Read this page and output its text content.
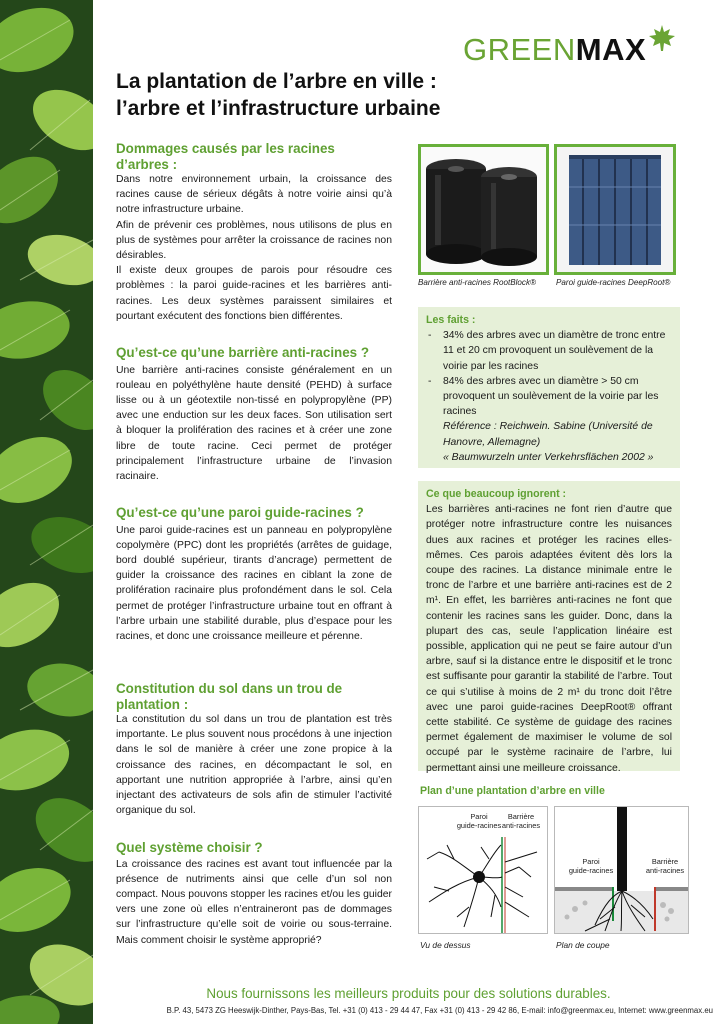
GREENMAX
La plantation de l’arbre en ville :
l’arbre et l’infrastructure urbaine
Dommages causés par les racines
d’arbres :

Dans notre environnement urbain, la croissance des racines cause de sérieux dégâts à notre voirie ainsi qu’à notre infrastructure urbaine.

Afin de prévenir ces problèmes, nous utilisons de plus en plus de systèmes pour arrêter la croissance de racines non désirables.

Il existe deux groupes de parois pour résoudre ces problèmes : la paroi guide-racines et les barrières anti-racines. Les deux systèmes paraissent similaires et pourtant exécutent des fonctions bien différentes.

Qu’est-ce qu’une barrière anti-racines ?

Une barrière anti-racines consiste généralement en un rouleau en polyéthylène haute densité (PEHD) à surface lisse ou à un géotextile non-tissé en polypropylène (PP) avec une enduction sur les deux faces. Son utilisation sert à bloquer la prolifération des racines et à créer une zone libre de toute racine. Ceci permet de protéger principalement l’infrastructure urbaine de l’invasion racinaire.

Qu’est-ce qu’une paroi guide-racines ?

Une paroi guide-racines est un panneau en polypropylène copolymère (PPC) dont les propriétés (arrêtes de guidage, bord doublé supérieur, tirants d’ancrage) permettent de guider la croissance des racines en ciblant la zone de prolifération racinaire plus profondément dans le sol. Cela permet de protéger l’infrastructure urbaine tout en offrant à l’arbre urbain une stabilité durable, plus d’espace pour les racines, et donc une croissance meilleure et pérenne.

Constitution du sol dans un trou de
plantation :

La constitution du sol dans un trou de plantation est très importante. Le plus souvent nous procédons à une injection dans le sol de manière à créer une zone propice à la croissance des racines, en décompactant le sol, en apportant une nutrition appropriée à l’arbre, ainsi qu’en injectant des activateurs de sols afin de stimuler l’activité organique du sol.

Quel système choisir ?

La croissance des racines est avant tout influencée par la présence de nutriments ainsi que celle d’un sol non compact. Nous pouvons stopper les racines et/ou les guider vers une zone où elles n’entraineront pas de dommages sur l’infrastructure qu’elle soit de voirie ou sous-terraine. Mais comment choisir le système approprié?

Barrière anti-racines RootBlock® Paroi guide-racines DeepRoot®
Les faits :
- 34% des arbres avec un diamètre de tronc entre 11 et 20 cm provoquent un soulèvement de la voirie par les racines
- 84% des arbres avec un diamètre > 50 cm provoquent un soulèvement de la voirie par les racines
Référence : Reichwein. Sabine (Université de
Hanovre, Allemagne)
« Baumwurzeln unter Verkehrsflächen 2002 »
Ce que beaucoup ignorent :

Les barrières anti-racines ne font rien d’autre que protéger notre infrastructure contre les nuisances dues aux racines et protéger les racines elles-mêmes. Ces parois adaptées évitent dès lors la coupe des racines. La distance minimale entre le tronc de l’arbre et une barrière anti-racines est de 2 m¹. En effet, les barrières anti-racines ne font que contenir les racines sans les guider. Donc, dans la plupart des cas, seule l’application linéaire est possible, application qui ne peut se faire autour d’un arbre, sauf si la distance entre le dispositif et le tronc est suffisante pour garantir la stabilité de l’arbre. Tout ce qui s’utilise à moins de 2 m¹ du tronc doit l’être avec une paroi guide-racines DeepRoot® offrant cette stabilité. Ce système de guidage des racines permet également de maximiser le volume de sol occupé par le système racinaire de l’arbre, lui permettant ainsi une meilleure croissance.

Plan d’une plantation d’arbre en ville
Paroi
guide-racines
Barrière
anti-racines
Paroi
guide-racines
Barrière
anti-racines
Vu de dessus	Plan de coupe
Nous fournissons les meilleurs produits pour des solutions durables.
B.P. 43, 5473 ZG Heeswijk-Dinther, Pays-Bas, Tel. +31 (0) 413 - 29 44 47, Fax +31 (0) 413 - 29 42 86, E-mail: info@greenmax.eu, Internet: www.greenmax.eu
